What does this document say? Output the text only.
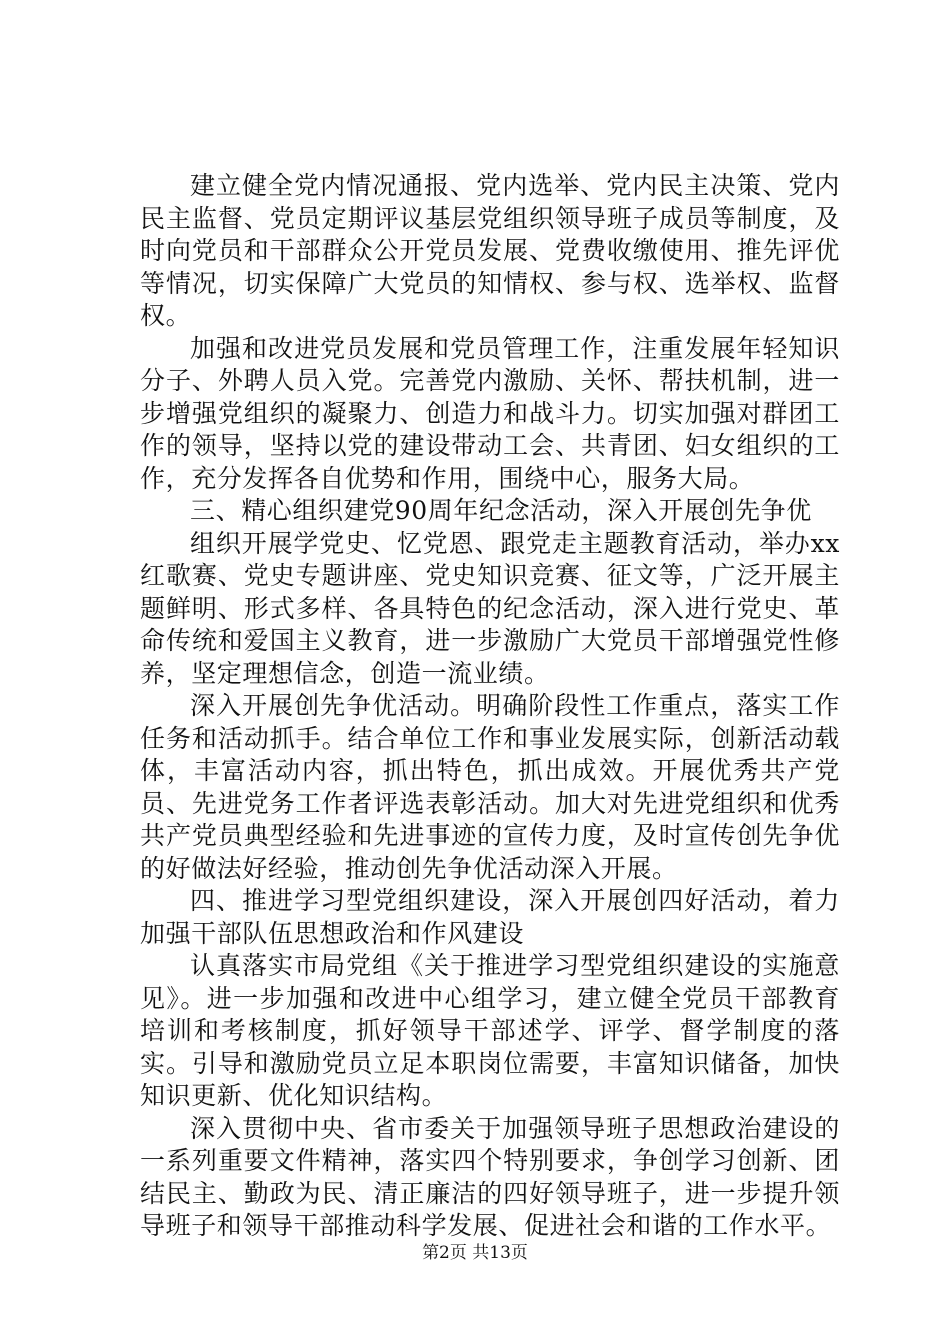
建立健全党内情况通报、党内选举、党内民主决策、党内民主监督、党员定期评议基层党组织领导班子成员等制度，及时向党员和干部群众公开党员发展、党费收缴使用、推先评优等情况，切实保障广大党员的知情权、参与权、选举权、监督权。

加强和改进党员发展和党员管理工作，注重发展年轻知识分子、外聘人员入党。完善党内激励、关怀、帮扶机制，进一步增强党组织的凝聚力、创造力和战斗力。切实加强对群团工作的领导，坚持以党的建设带动工会、共青团、妇女组织的工作，充分发挥各自优势和作用，围绕中心，服务大局。

三、精心组织建党90周年纪念活动，深入开展创先争优

组织开展学党史、忆党恩、跟党走主题教育活动，举办xx红歌赛、党史专题讲座、党史知识竞赛、征文等，广泛开展主题鲜明、形式多样、各具特色的纪念活动，深入进行党史、革命传统和爱国主义教育，进一步激励广大党员干部增强党性修养，坚定理想信念，创造一流业绩。

深入开展创先争优活动。明确阶段性工作重点，落实工作任务和活动抓手。结合单位工作和事业发展实际，创新活动载体，丰富活动内容，抓出特色，抓出成效。开展优秀共产党员、先进党务工作者评选表彰活动。加大对先进党组织和优秀共产党员典型经验和先进事迹的宣传力度，及时宣传创先争优的好做法好经验，推动创先争优活动深入开展。

四、推进学习型党组织建设，深入开展创四好活动，着力加强干部队伍思想政治和作风建设

认真落实市局党组《关于推进学习型党组织建设的实施意见》。进一步加强和改进中心组学习，建立健全党员干部教育培训和考核制度，抓好领导干部述学、评学、督学制度的落实。引导和激励党员立足本职岗位需要，丰富知识储备，加快知识更新、优化知识结构。

深入贯彻中央、省市委关于加强领导班子思想政治建设的一系列重要文件精神，落实四个特别要求，争创学习创新、团结民主、勤政为民、清正廉洁的四好领导班子，进一步提升领导班子和领导干部推动科学发展、促进社会和谐的工作水平。

第2页 共13页
